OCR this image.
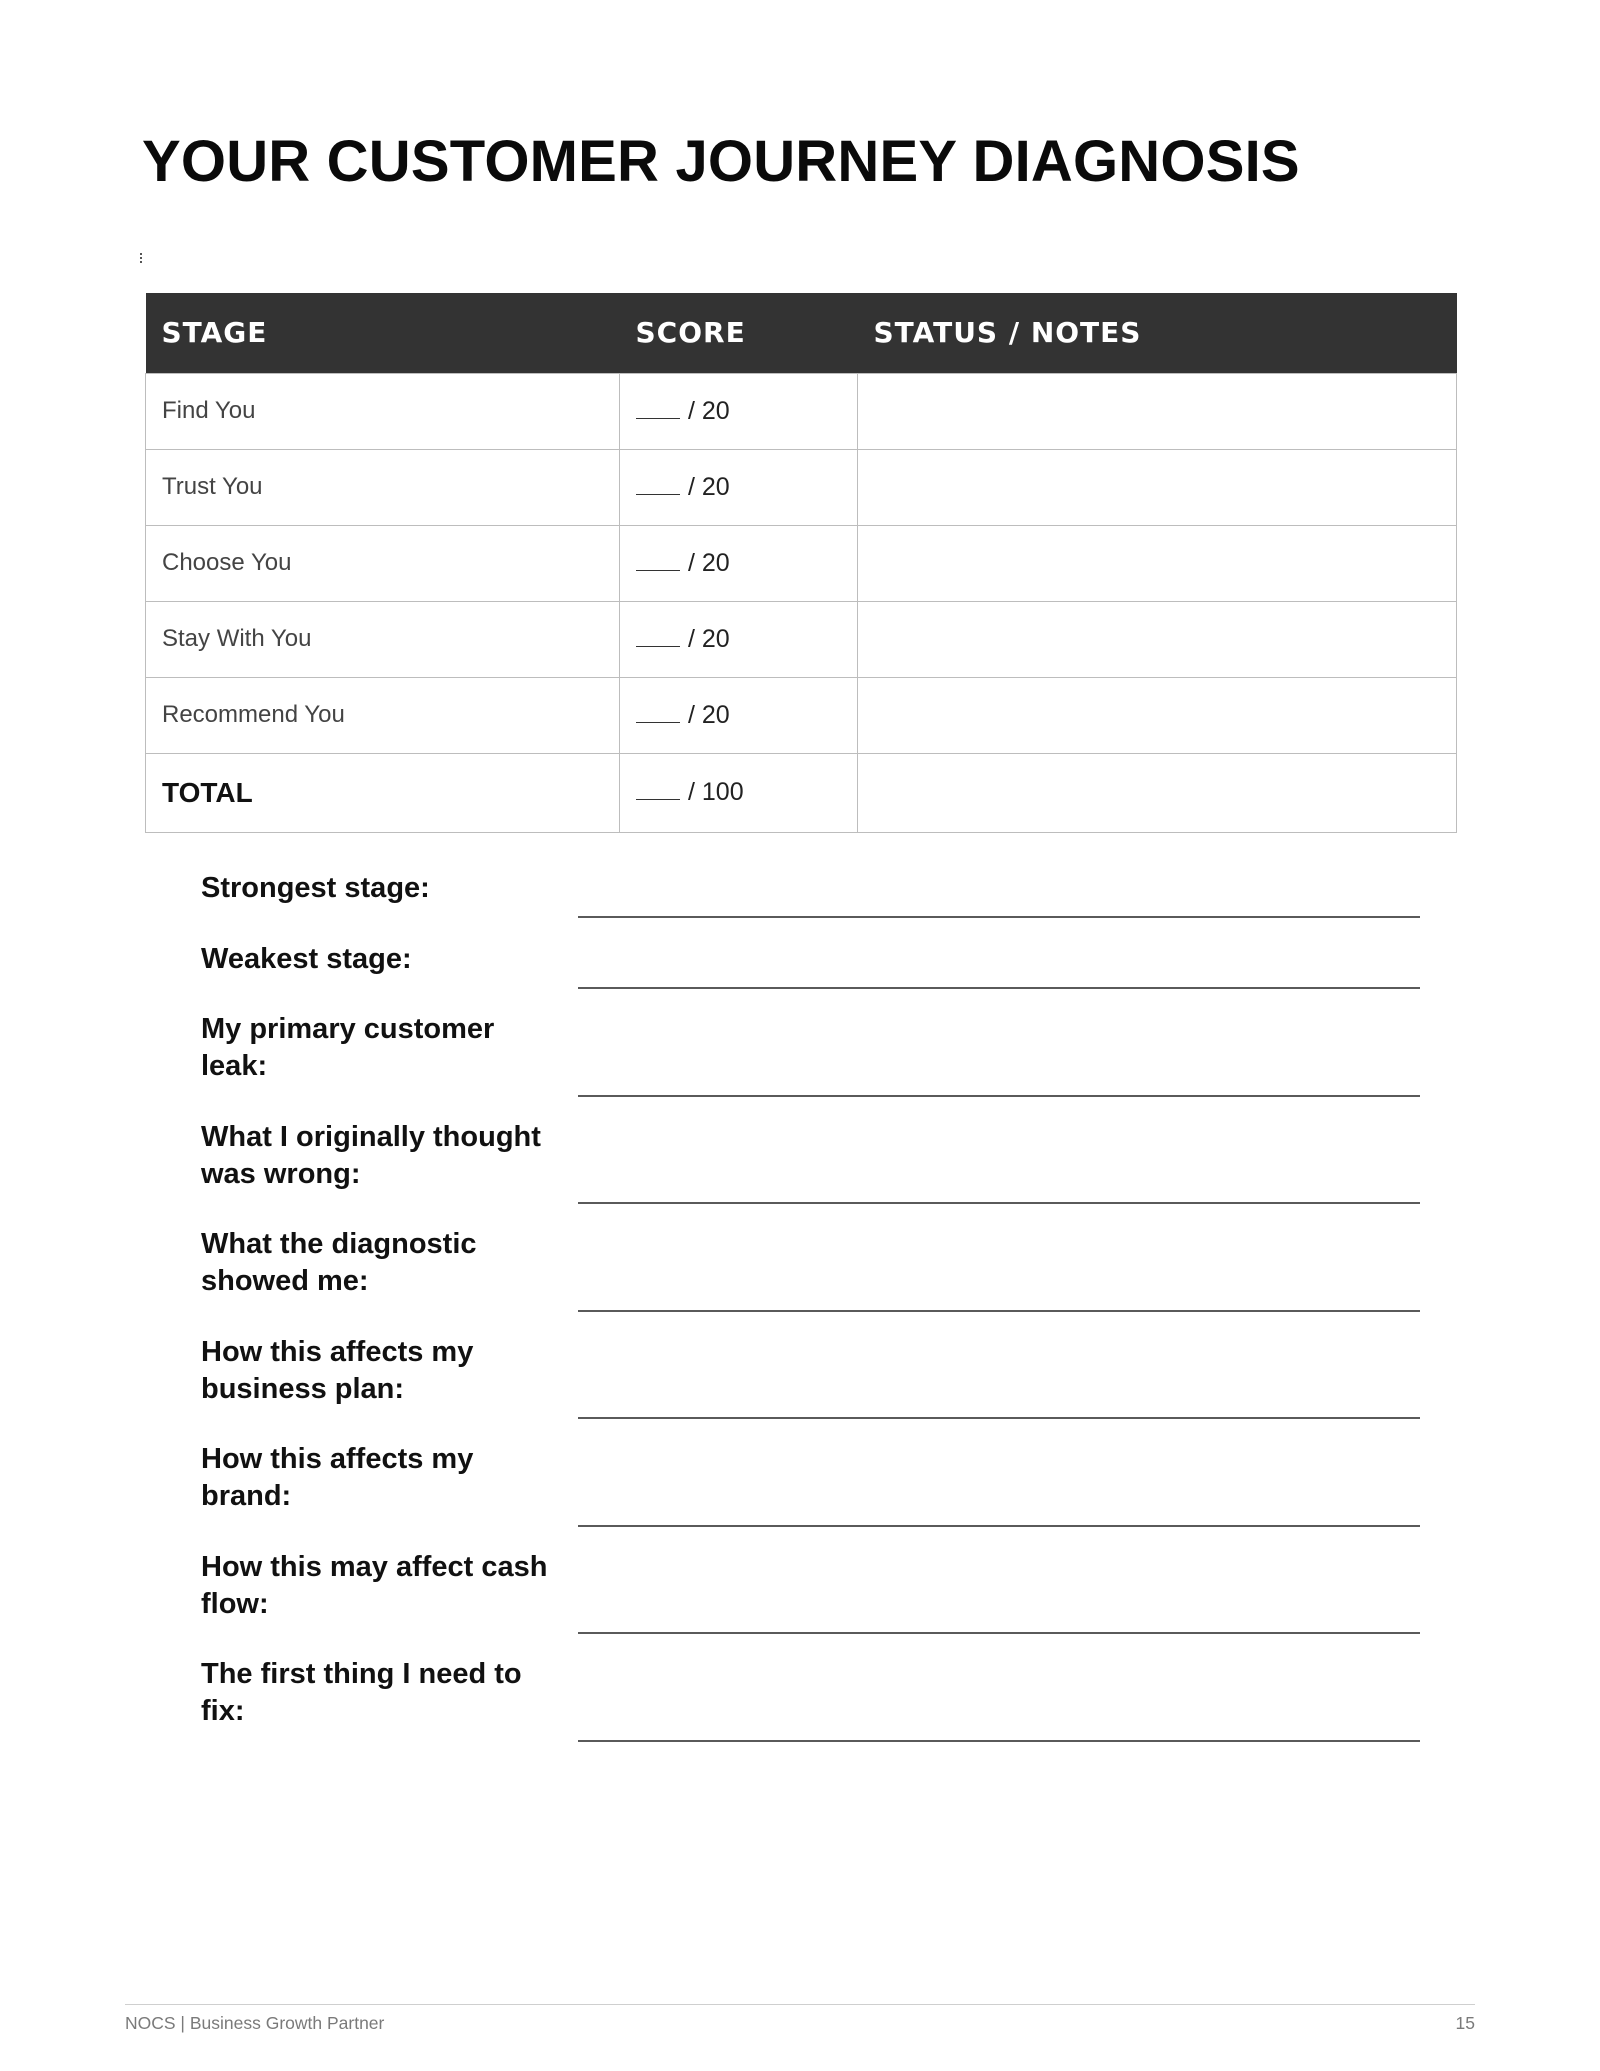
YOUR CUSTOMER JOURNEY DIAGNOSIS

STAGE	SCORE	STATUS / NOTES
Find You	/ 20	
Trust You	/ 20	
Choose You	/ 20	
Stay With You	/ 20	
Recommend You	/ 20	
TOTAL	/ 100	
Strongest stage:
Weakest stage:
My primary customer leak:
What I originally thought was wrong:
What the diagnostic showed me:
How this affects my business plan:
How this affects my brand:
How this may affect cash flow:
The first thing I need to fix:
NOCS | Business Growth Partner	15
